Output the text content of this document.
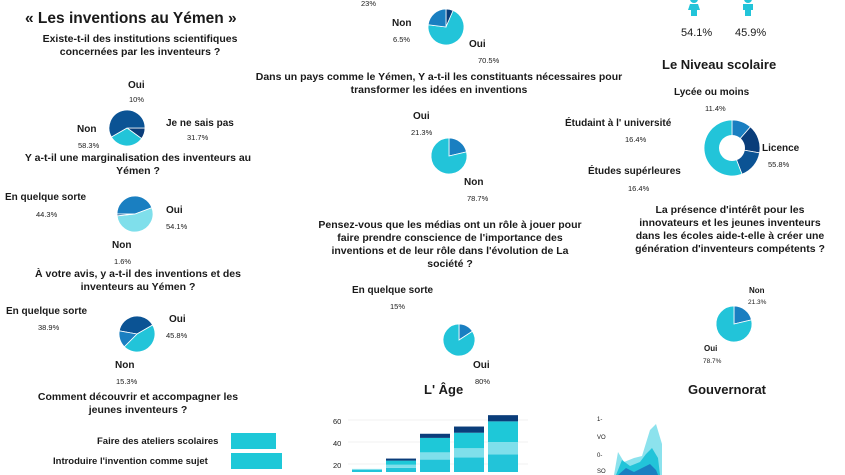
« Les inventions au Yémen »
23%
Existe-t-il des institutions scientifiques concernées par les inventeurs ?
Oui
10%
Je ne sais pas
31.7%
Non
58.3%
Y a-t-il une marginalisation des inventeurs au Yémen ?
En quelque sorte
44.3%	Oui
54.1%
Non
1.6%
À votre avis, y a-t-il des inventions et des inventeurs au Yémen ?
En quelque sorte
38.9%
Oui
45.8%
Non
15.3%
Comment découvrir et accompagner les jeunes inventeurs ?
Faire des ateliers scolaires
Introduire l'invention comme sujet
Non
6.5%	Oui
70.5%
Dans un pays comme le Yémen, Y a-t-il les constituants nécessaires pour transformer les idées en inventions
Oui
21.3%
Non
78.7%
Pensez-vous que les médias ont un rôle à jouer pour faire prendre conscience de l'importance des inventions et de leur rôle dans l'évolution de La société ?
En quelque sorte
15%
Oui
80%
54.1% 45.9%
Le Niveau scolaire
Lycée ou moins
11.4%
Étudaint à l' université
16.4%
Études supérleures
16.4%
Licence
55.8%
La présence d'intérêt pour les innovateurs et les jeunes inventeurs dans les écoles aide-t-elle à créer une génération d'inventeurs compétents ?
Non
21.3%
Oui
78.7%
L' Âge
60
40
20
Gouvernorat
1-
VO
0-
SO
